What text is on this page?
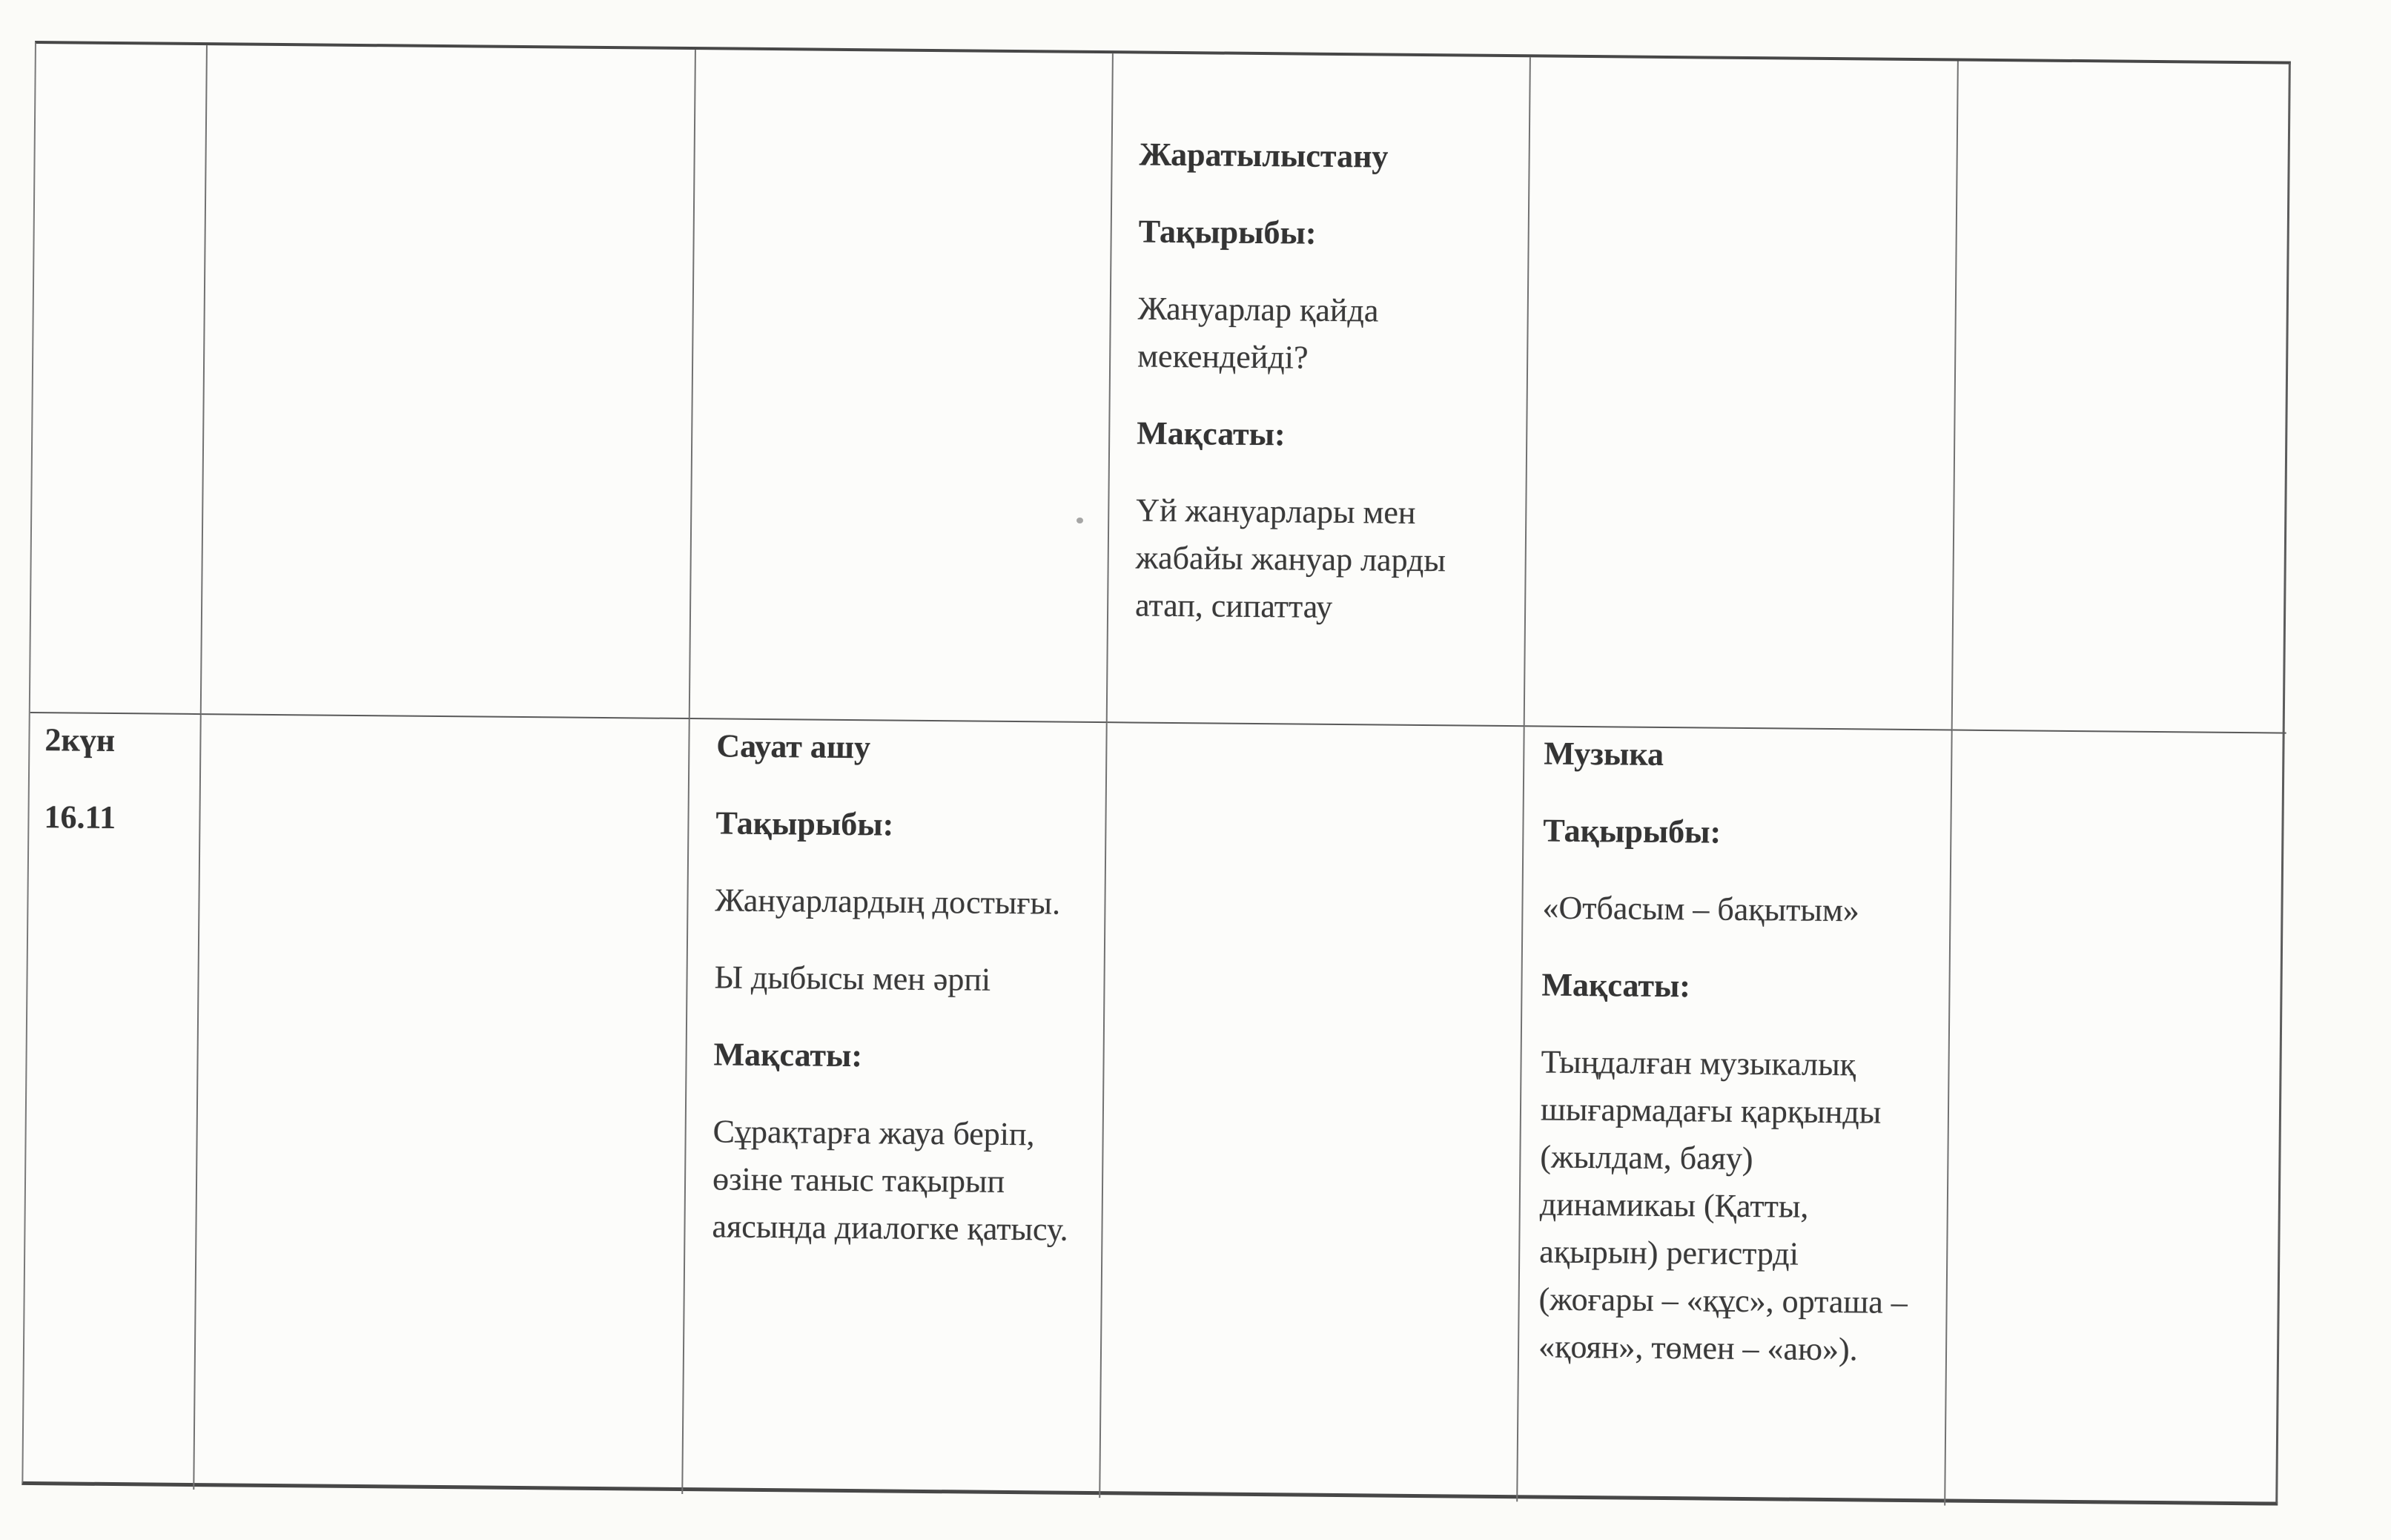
Жаратылыстану

Тақырыбы:

Жануарлар қайда
мекендейді?

Мақсаты:

Үй жануарлары мен
жабайы жануар ларды
атап, сипаттау

2күн

16.11

Сауат ашу

Тақырыбы:

Жануарлардың достығы.

Ы дыбысы мен әрпі

Мақсаты:

Сұрақтарға жауа беріп,
өзіне таныс тақырып
аясында диалогке қатысу.

Музыка

Тақырыбы:

«Отбасым – бақытым»

Мақсаты:

Тыңдалған музыкалық
шығармадағы қарқынды
(жылдам, баяу)
динамикаы (Қатты,
ақырын) регистрді
(жоғары – «құс», орташа –
«қоян», төмен – «аю»).
